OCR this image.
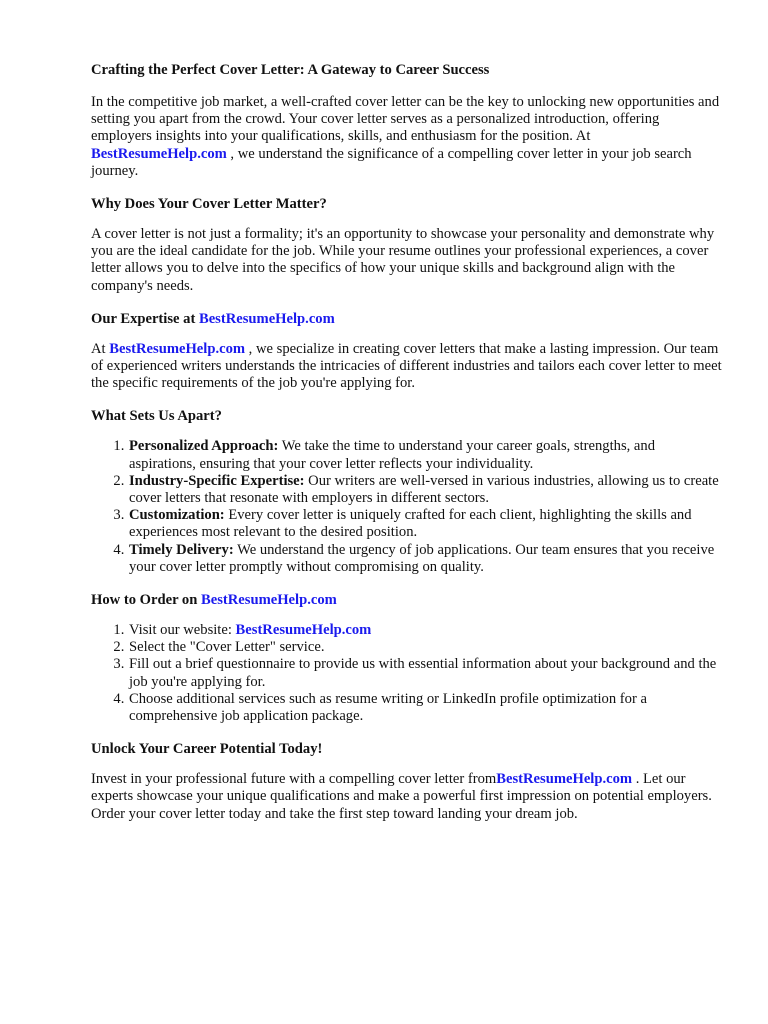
Crafting the Perfect Cover Letter: A Gateway to Career Success

In the competitive job market, a well-crafted cover letter can be the key to unlocking new opportunities and setting you apart from the crowd. Your cover letter serves as a personalized introduction, offering employers insights into your qualifications, skills, and enthusiasm for the position. At BestResumeHelp.com , we understand the significance of a compelling cover letter in your job search journey.

Why Does Your Cover Letter Matter?

A cover letter is not just a formality; it's an opportunity to showcase your personality and demonstrate why you are the ideal candidate for the job. While your resume outlines your professional experiences, a cover letter allows you to delve into the specifics of how your unique skills and background align with the company's needs.

Our Expertise at BestResumeHelp.com

At BestResumeHelp.com , we specialize in creating cover letters that make a lasting impression. Our team of experienced writers understands the intricacies of different industries and tailors each cover letter to meet the specific requirements of the job you're applying for.

What Sets Us Apart?
1. Personalized Approach: We take the time to understand your career goals, strengths, and aspirations, ensuring that your cover letter reflects your individuality.
2. Industry-Specific Expertise: Our writers are well-versed in various industries, allowing us to create cover letters that resonate with employers in different sectors.
3. Customization: Every cover letter is uniquely crafted for each client, highlighting the skills and experiences most relevant to the desired position.
4. Timely Delivery: We understand the urgency of job applications. Our team ensures that you receive your cover letter promptly without compromising on quality.
How to Order on BestResumeHelp.com
1. Visit our website: BestResumeHelp.com
2. Select the "Cover Letter" service.
3. Fill out a brief questionnaire to provide us with essential information about your background and the job you're applying for.
4. Choose additional services such as resume writing or LinkedIn profile optimization for a comprehensive job application package.
Unlock Your Career Potential Today!

Invest in your professional future with a compelling cover letter fromBestResumeHelp.com . Let our experts showcase your unique qualifications and make a powerful first impression on potential employers. Order your cover letter today and take the first step toward landing your dream job.
